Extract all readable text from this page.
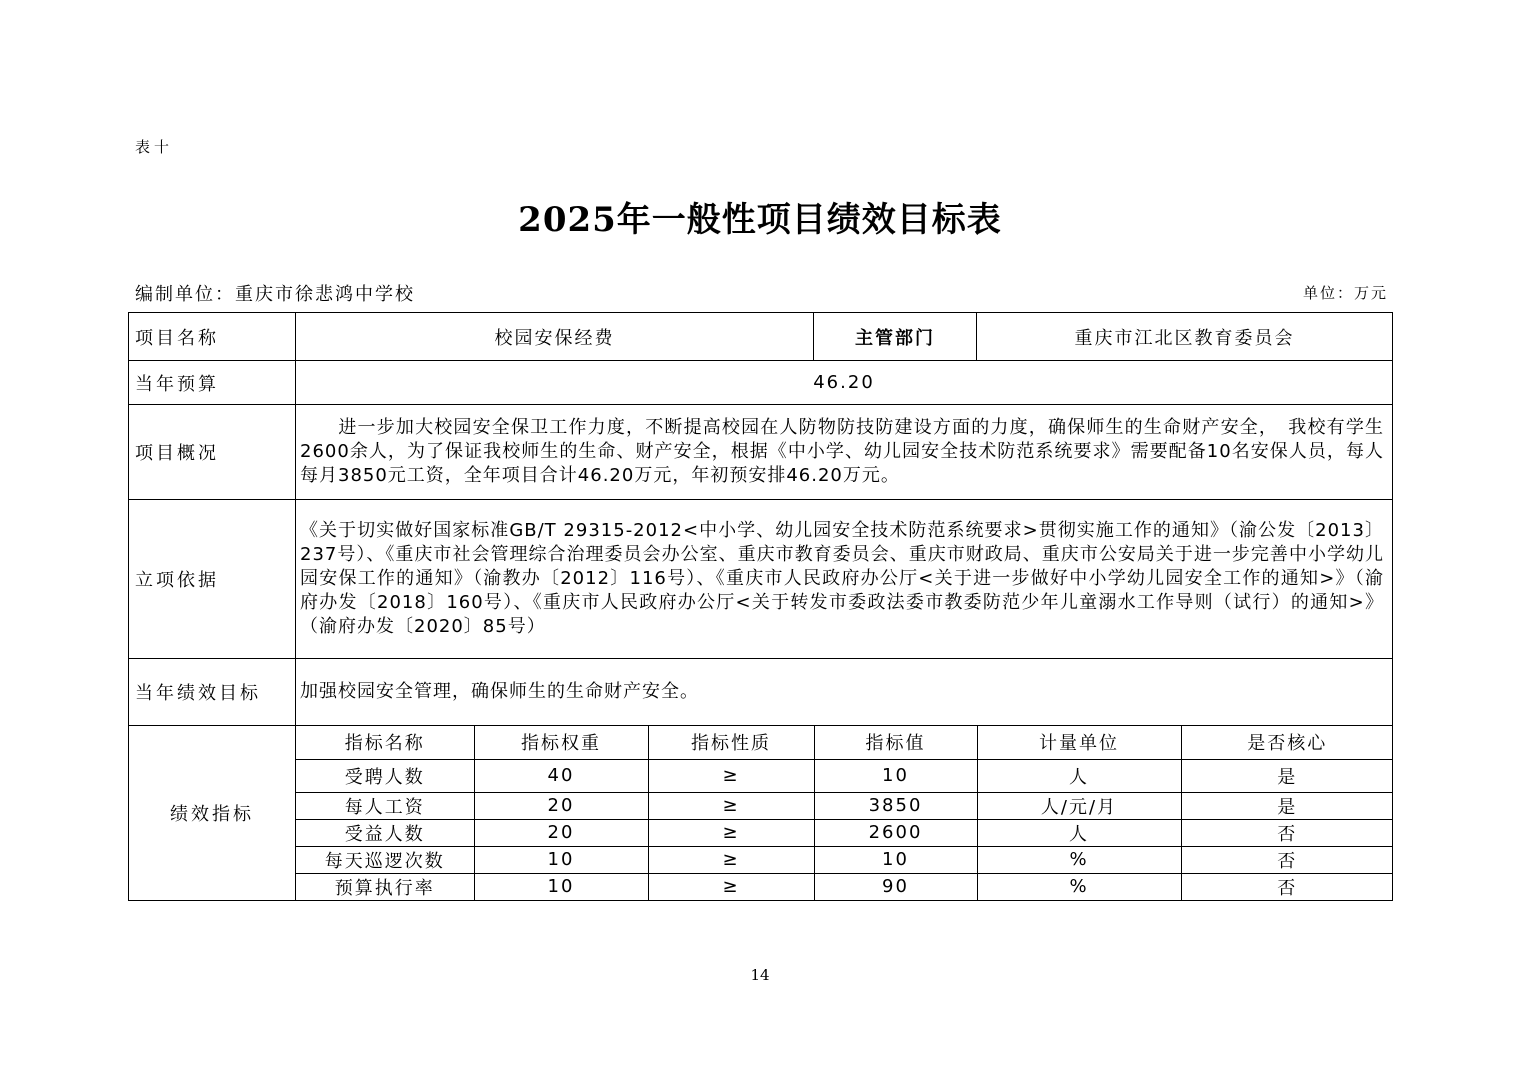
表十
2025年一般性项目绩效目标表
编制单位：重庆市徐悲鸿中学校	单位：万元
项目名称	校园安保经费	主管部门	重庆市江北区教育委员会
当年预算	46.20
项目概况	　　进一步加大校园安全保卫工作力度，不断提高校园在人防物防技防建设方面的力度，确保师生的生命财产安全，　我校有学生2600余人，为了保证我校师生的生命、财产安全，根据《中小学、幼儿园安全技术防范系统要求》需要配备10名安保人员，每人每月3850元工资，全年项目合计46.20万元，年初预安排46.20万元。
立项依据	《关于切实做好国家标准GB/T 29315-2012<中小学、幼儿园安全技术防范系统要求>贯彻实施工作的通知》（渝公发〔2013〕237号）、《重庆市社会管理综合治理委员会办公室、重庆市教育委员会、重庆市财政局、重庆市公安局关于进一步完善中小学幼儿园安保工作的通知》（渝教办〔2012〕116号）、《重庆市人民政府办公厅<关于进一步做好中小学幼儿园安全工作的通知>》（渝府办发〔2018〕160号）、《重庆市人民政府办公厅<关于转发市委政法委市教委防范少年儿童溺水工作导则（试行）的通知>》（渝府办发〔2020〕85号）
当年绩效目标	加强校园安全管理，确保师生的生命财产安全。
绩效指标	
指标名称	指标权重	指标性质	指标值	计量单位	是否核心
受聘人数	40	≥	10	人	是
每人工资	20	≥	3850	人/元/月	是
受益人数	20	≥	2600	人	否
每天巡逻次数	10	≥	10	%	否
预算执行率	10	≥	90	%	否
14
